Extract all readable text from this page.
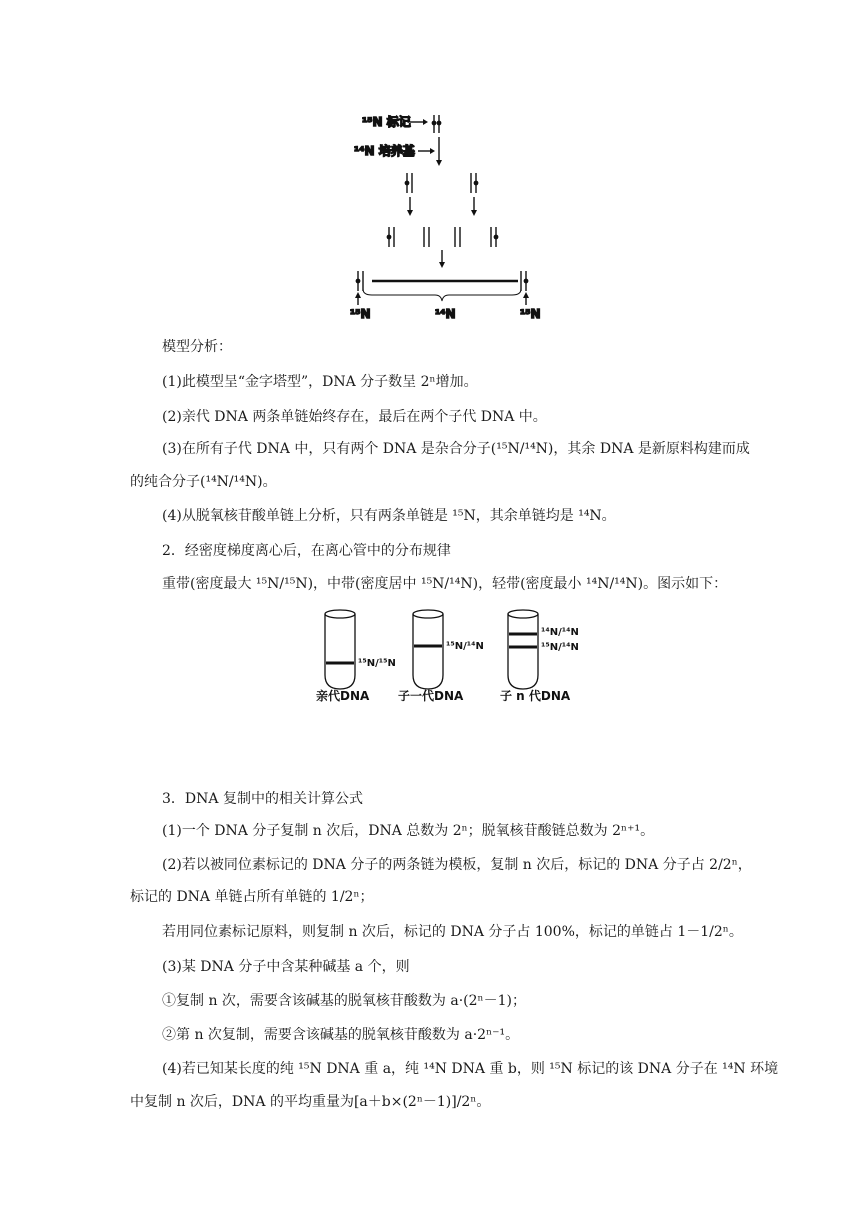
¹⁵N 标记
¹⁴N 培养基
¹⁵N	¹⁴N	¹⁵N
模型分析：
(1)此模型呈“金字塔型”，DNA 分子数呈 2ⁿ增加。
(2)亲代 DNA 两条单链始终存在，最后在两个子代 DNA 中。
(3)在所有子代 DNA 中，只有两个 DNA 是杂合分子(¹⁵N/¹⁴N)，其余 DNA 是新原料构建而成
的纯合分子(¹⁴N/¹⁴N)。
(4)从脱氧核苷酸单链上分析，只有两条单链是 ¹⁵N，其余单链均是 ¹⁴N。
2．经密度梯度离心后，在离心管中的分布规律
重带(密度最大 ¹⁵N/¹⁵N)，中带(密度居中 ¹⁵N/¹⁴N)，轻带(密度最小 ¹⁴N/¹⁴N)。图示如下：
¹⁵N/¹⁵N
¹⁵N/¹⁴N
¹⁴N/¹⁴N
¹⁵N/¹⁴N
亲代DNA 子一代DNA	子 n 代DNA
3．DNA 复制中的相关计算公式
(1)一个 DNA 分子复制 n 次后，DNA 总数为 2ⁿ；脱氧核苷酸链总数为 2ⁿ⁺¹。
(2)若以被同位素标记的 DNA 分子的两条链为模板，复制 n 次后，标记的 DNA 分子占 2/2ⁿ，
标记的 DNA 单链占所有单链的 1/2ⁿ；
若用同位素标记原料，则复制 n 次后，标记的 DNA 分子占 100%，标记的单链占 1－1/2ⁿ。
(3)某 DNA 分子中含某种碱基 a 个，则
①复制 n 次，需要含该碱基的脱氧核苷酸数为 a·(2ⁿ－1)；
②第 n 次复制，需要含该碱基的脱氧核苷酸数为 a·2ⁿ⁻¹。
(4)若已知某长度的纯 ¹⁵N DNA 重 a，纯 ¹⁴N DNA 重 b，则 ¹⁵N 标记的该 DNA 分子在 ¹⁴N 环境
中复制 n 次后，DNA 的平均重量为[a＋b×(2ⁿ－1)]/2ⁿ。
